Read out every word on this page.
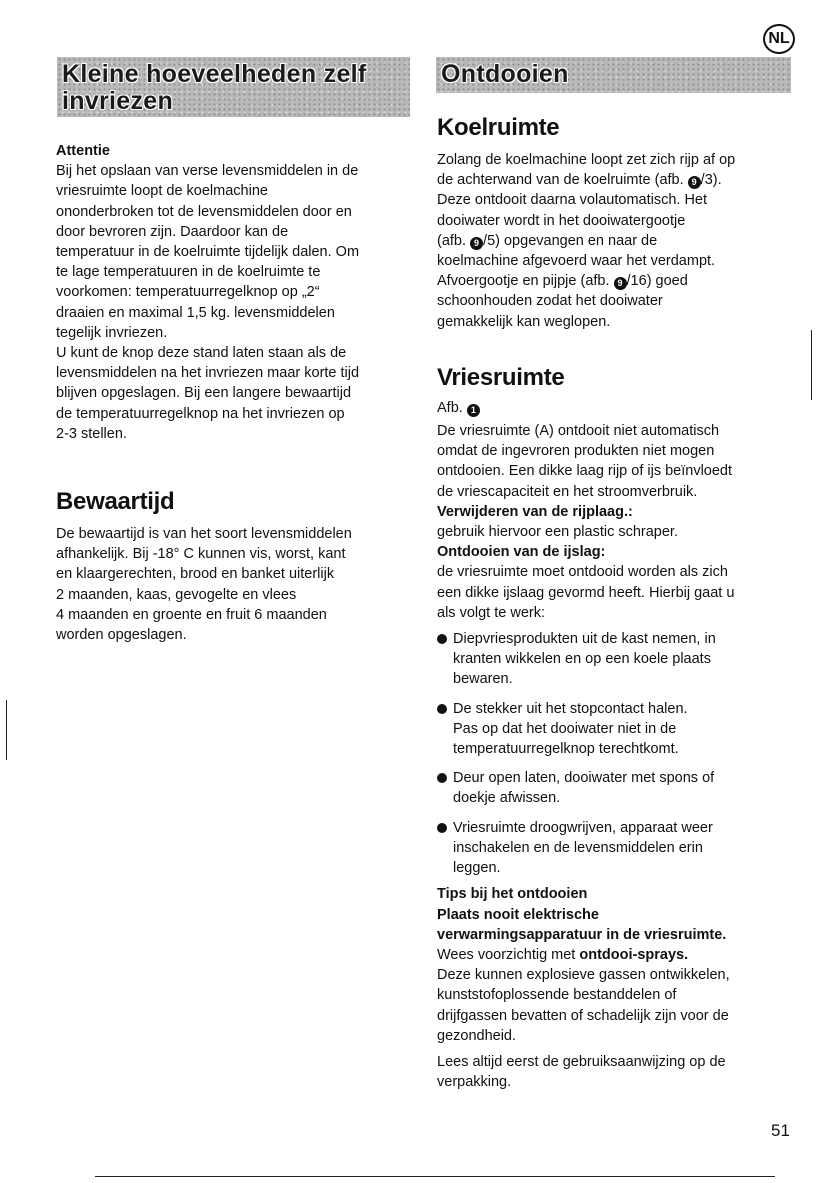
NL
Kleine hoeveelheden zelf
invriezen
Ontdooien
Attentie
Bij het opslaan van verse levensmiddelen in de
vriesruimte loopt de koelmachine
ononderbroken tot de levensmiddelen door en
door bevroren zijn. Daardoor kan de
temperatuur in de koelruimte tijdelijk dalen. Om
te lage temperatuuren in de koelruimte te
voorkomen: temperatuurregelknop op „2“
draaien en maximal 1,5 kg. levensmiddelen
tegelijk invriezen.
U kunt de knop deze stand laten staan als de
levensmiddelen na het invriezen maar korte tijd
blijven opgeslagen. Bij een langere bewaartijd
de temperatuurregelknop na het invriezen op
2-3 stellen.
Bewaartijd
De bewaartijd is van het soort levensmiddelen
afhankelijk. Bij -18° C kunnen vis, worst, kant
en klaargerechten, brood en banket uiterlijk
2 maanden, kaas, gevogelte en vlees
4 maanden en groente en fruit 6 maanden
worden opgeslagen.
Koelruimte
Zolang de koelmachine loopt zet zich rijp af op
de achterwand van de koelruimte (afb. 9 /3).
Deze ontdooit daarna volautomatisch. Het
dooiwater wordt in het dooiwatergootje
(afb. 9 /5) opgevangen en naar de
koelmachine afgevoerd waar het verdampt.
Afvoergootje en pijpje (afb. 9 /16) goed
schoonhouden zodat het dooiwater
gemakkelijk kan weglopen.
Vriesruimte
Afb. 1
De vriesruimte (A) ontdooit niet automatisch
omdat de ingevroren produkten niet mogen
ontdooien. Een dikke laag rijp of ijs beïnvloedt
de vriescapaciteit en het stroomverbruik.
Verwijderen van de rijplaag.:
gebruik hiervoor een plastic schraper.
Ontdooien van de ijslag:
de vriesruimte moet ontdooid worden als zich
een dikke ijslaag gevormd heeft. Hierbij gaat u
als volgt te werk:
Diepvriesprodukten uit de kast nemen, in
kranten wikkelen en op een koele plaats
bewaren.
De stekker uit het stopcontact halen.
Pas op dat het dooiwater niet in de
temperatuurregelknop terechtkomt.
Deur open laten, dooiwater met spons of
doekje afwissen.
Vriesruimte droogwrijven, apparaat weer
inschakelen en de levensmiddelen erin
leggen.
Tips bij het ontdooien
Plaats nooit elektrische
verwarmingsapparatuur in de vriesruimte.
Wees voorzichtig met ontdooi-sprays.
Deze kunnen explosieve gassen ontwikkelen,
kunststofoplossende bestanddelen of
drijfgassen bevatten of schadelijk zijn voor de
gezondheid.
Lees altijd eerst de gebruiksaanwijzing op de
verpakking.
51
